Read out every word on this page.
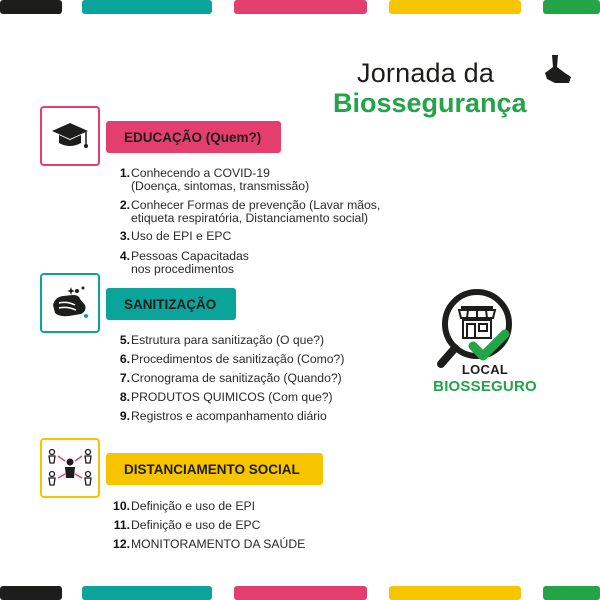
Jornada da
Biossegurança
EDUCAÇÃO (Quem?)
1. Conhecendo a COVID-19
(Doença, sintomas, transmissão)
2. Conhecer Formas de prevenção (Lavar mãos,
etiqueta respiratória, Distanciamento social)
3. Uso de EPI e EPC
4. Pessoas Capacitadas
nos procedimentos
SANITIZAÇÃO
5. Estrutura para sanitização (O que?)
6. Procedimentos de sanitização (Como?)
7. Cronograma de sanitização (Quando?)
8. PRODUTOS QUIMICOS (Com que?)
9. Registros e acompanhamento diário
DISTANCIAMENTO SOCIAL
10. Definição e uso de EPI
11. Definição e uso de EPC
12. MONITORAMENTO DA SAÚDE
LOCAL
BIOSSEGURO
